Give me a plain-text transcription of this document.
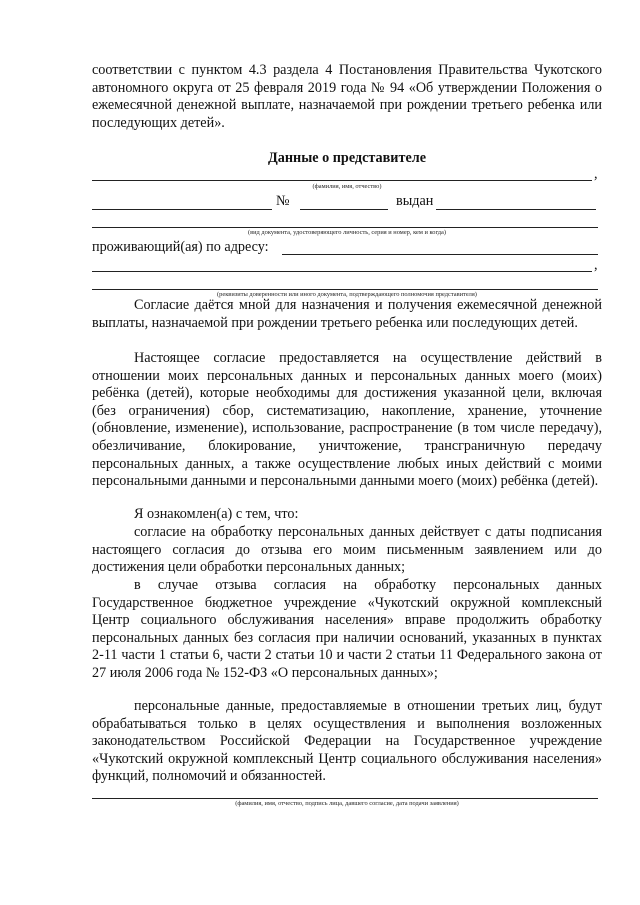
соответствии с пунктом 4.3 раздела 4 Постановления Правительства Чукотского автономного округа от 25 февраля 2019 года № 94 «Об утверждении Положения о ежемесячной денежной выплате, назначаемой при рождении третьего ребенка или последующих детей».

Данные о представителе

,
(фамилия, имя, отчество)
№	выдан
(вид документа, удостоверяющего личность, серия и номер, кем и когда)
проживающий(ая) по адресу:
,
(реквизиты доверенности или иного документа, подтверждающего полномочия представителя)

Согласие даётся мной для назначения и получения ежемесячной денежной выплаты, назначаемой при рождении третьего ребенка или последующих детей.

Настоящее согласие предоставляется на осуществление действий в отношении моих персональных данных и персональных данных моего (моих) ребёнка (детей), которые необходимы для достижения указанной цели, включая (без ограничения) сбор, систематизацию, накопление, хранение, уточнение (обновление, изменение), использование, распространение (в том числе передачу), обезличивание, блокирование, уничтожение, трансграничную передачу персональных данных, а также осуществление любых иных действий с моими персональными данными и персональными данными моего (моих) ребёнка (детей).

Я ознакомлен(а) с тем, что:

согласие на обработку персональных данных действует с даты подписания настоящего согласия до отзыва его моим письменным заявлением или до достижения цели обработки персональных данных;

в случае отзыва согласия на обработку персональных данных Государственное бюджетное учреждение «Чукотский окружной комплексный Центр социального обслуживания населения» вправе продолжить обработку персональных данных без согласия при наличии оснований, указанных в пунктах 2-11 части 1 статьи 6, части 2 статьи 10 и части 2 статьи 11 Федерального закона от 27 июля 2006 года № 152-ФЗ «О персональных данных»;

персональные данные, предоставляемые в отношении третьих лиц, будут обрабатываться только в целях осуществления и выполнения возложенных законодательством Российской Федерации на Государственное учреждение «Чукотский окружной комплексный Центр социального обслуживания населения» функций, полномочий и обязанностей.

(фамилия, имя, отчество, подпись лица, давшего согласие, дата подачи заявления)
